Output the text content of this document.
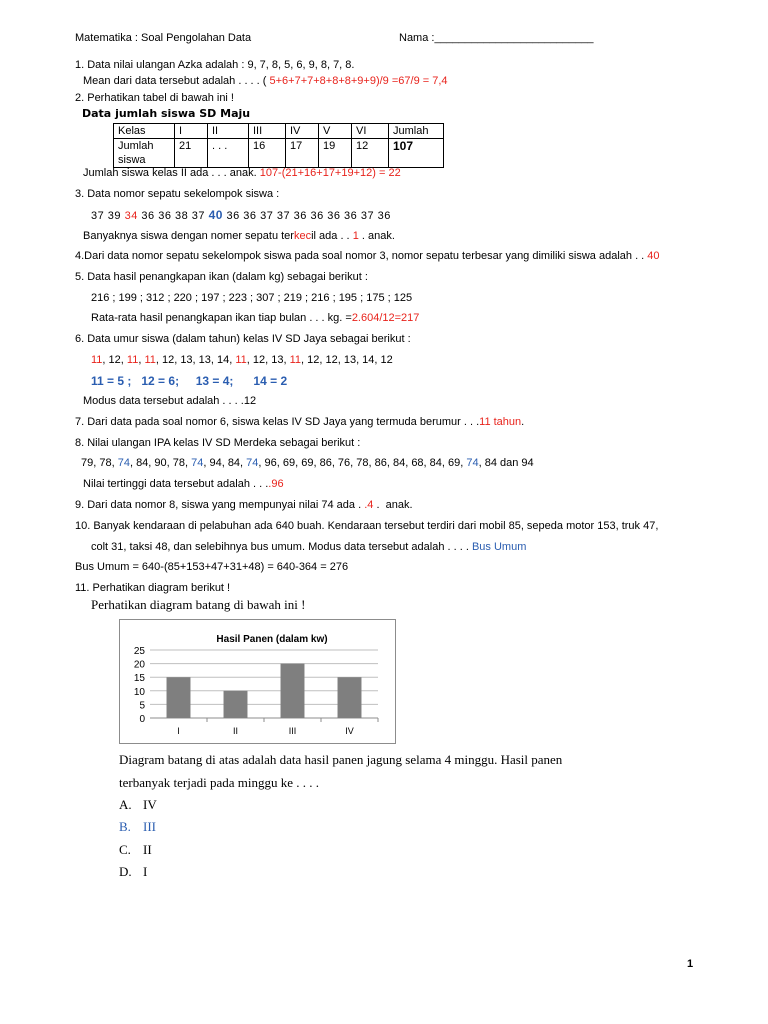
Matematika : Soal Pengolahan Data	Nama :__________________________
1. Data nilai ulangan Azka adalah : 9, 7, 8, 5, 6, 9, 8, 7, 8.
Mean dari data tersebut adalah . . . . ( 5+6+7+7+8+8+8+9+9)/9 =67/9 = 7,4
2. Perhatikan tabel di bawah ini !
Data jumlah siswa SD Maju
Kelas	I	II	III	IV	V	VI	Jumlah
Jumlah
siswa	21	. . .	16	17	19	12	107
Jumlah siswa kelas II ada . . . anak. 107-(21+16+17+19+12) = 22
3. Data nomor sepatu sekelompok siswa :
37 39 34 36 36 38 37 40 36 36 37 37 36 36 36 36 37 36
Banyaknya siswa dengan nomer sepatu terkecil ada . . 1 . anak.
4.Dari data nomor sepatu sekelompok siswa pada soal nomor 3, nomor sepatu terbesar yang dimiliki siswa adalah . . 40
5. Data hasil penangkapan ikan (dalam kg) sebagai berikut :
216 ; 199 ; 312 ; 220 ; 197 ; 223 ; 307 ; 219 ; 216 ; 195 ; 175 ; 125
Rata-rata hasil penangkapan ikan tiap bulan . . . kg. =2.604/12=217
6. Data umur siswa (dalam tahun) kelas IV SD Jaya sebagai berikut :
11, 12, 11, 11, 12, 13, 13, 14, 11, 12, 13, 11, 12, 12, 13, 14, 12
11 = 5 ;   12 = 6;     13 = 4;      14 = 2
Modus data tersebut adalah . . . .12
7. Dari data pada soal nomor 6, siswa kelas IV SD Jaya yang termuda berumur . . .11 tahun.
8. Nilai ulangan IPA kelas IV SD Merdeka sebagai berikut :
79, 78, 74, 84, 90, 78, 74, 94, 84, 74, 96, 69, 69, 86, 76, 78, 86, 84, 68, 84, 69, 74, 84 dan 94
Nilai tertinggi data tersebut adalah . . ..96
9. Dari data nomor 8, siswa yang mempunyai nilai 74 ada . .4 .  anak.
10. Banyak kendaraan di pelabuhan ada 640 buah. Kendaraan tersebut terdiri dari mobil 85, sepeda motor 153, truk 47,
colt 31, taksi 48, dan selebihnya bus umum. Modus data tersebut adalah . . . . Bus Umum
Bus Umum = 640-(85+153+47+31+48) = 640-364 = 276
11. Perhatikan diagram berikut !
Perhatikan diagram batang di bawah ini !
Hasil Panen (dalam kw)
0
5
10
15
20
25
I	II	III	IV
Diagram batang di atas adalah data hasil panen jagung selama 4 minggu. Hasil panen
terbanyak terjadi pada minggu ke . . . .
A. IV
B. III
C. II
D. I
1
